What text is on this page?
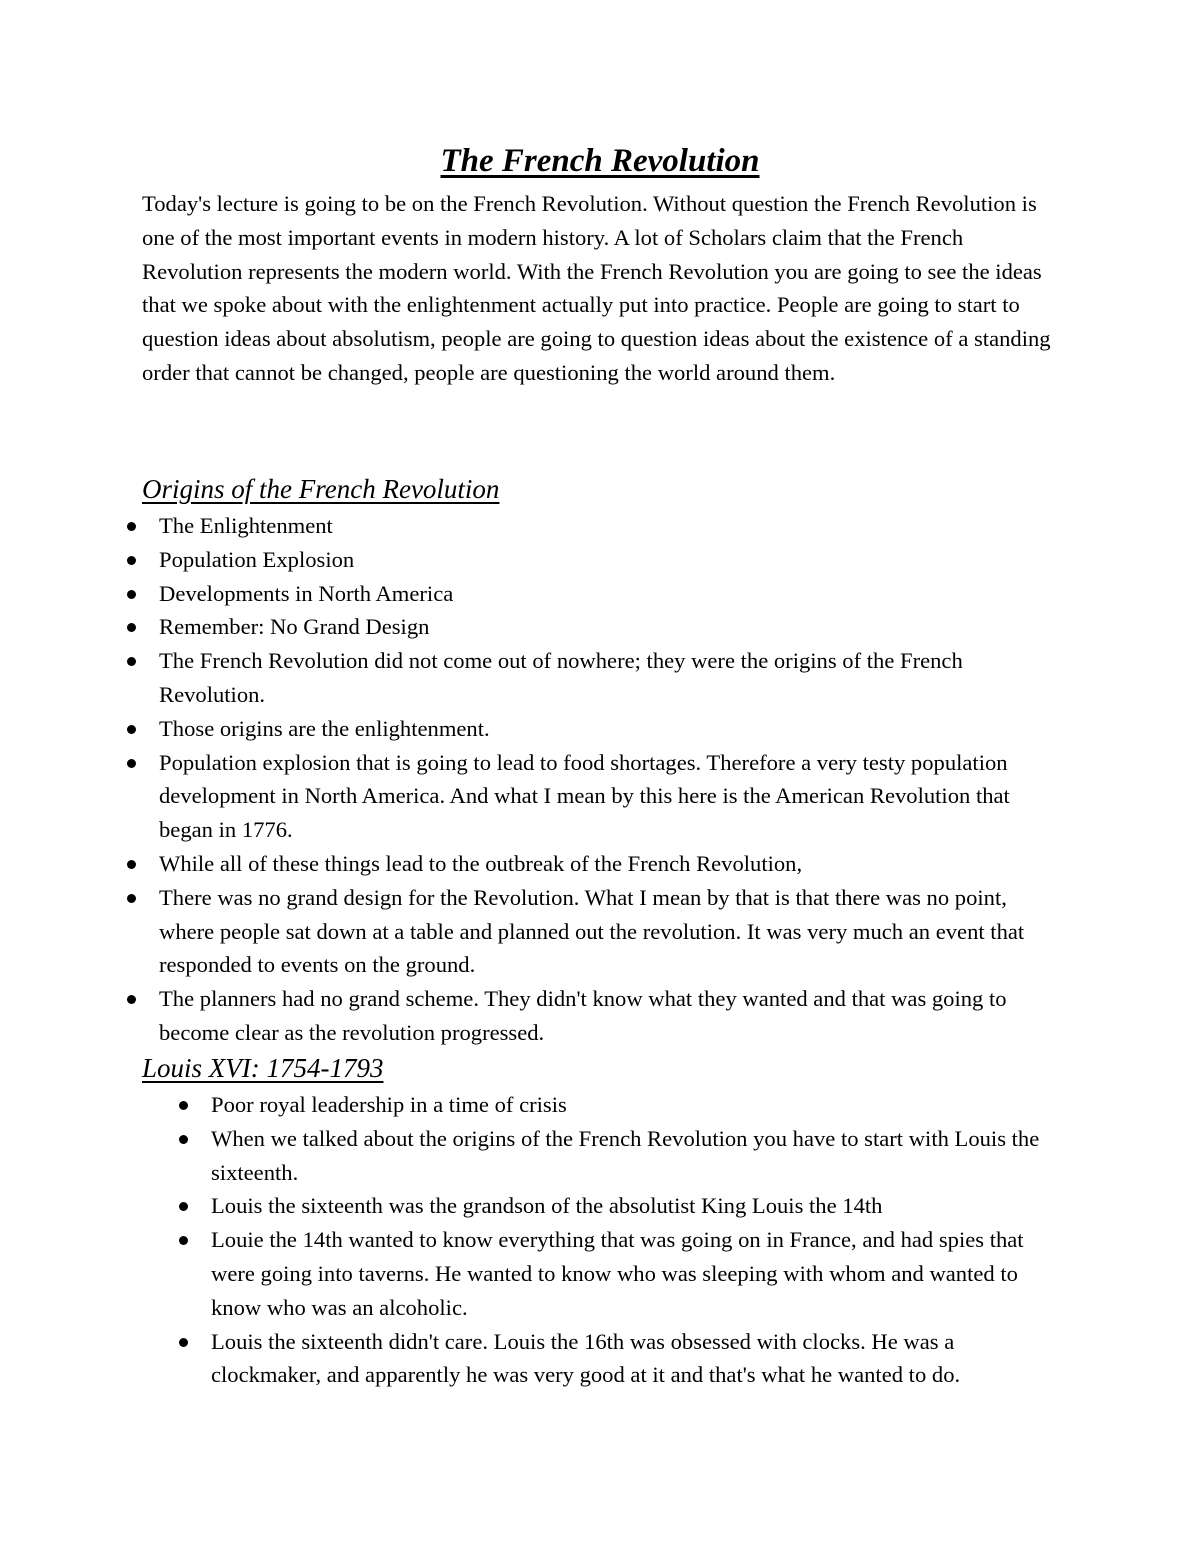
The French Revolution

Today's lecture is going to be on the French Revolution. Without question the French Revolution is one of the most important events in modern history. A lot of Scholars claim that the French Revolution represents the modern world. With the French Revolution you are going to see the ideas that we spoke about with the enlightenment actually put into practice. People are going to start to question ideas about absolutism, people are going to question ideas about the existence of a standing order that cannot be changed, people are questioning the world around them.

Origins of the French Revolution
The Enlightenment
Population Explosion
Developments in North America
Remember: No Grand Design
The French Revolution did not come out of nowhere; they were the origins of the French Revolution.
Those origins are the enlightenment.
Population explosion that is going to lead to food shortages. Therefore a very testy population development in North America. And what I mean by this here is the American Revolution that began in 1776.
While all of these things lead to the outbreak of the French Revolution,
There was no grand design for the Revolution. What I mean by that is that there was no point, where people sat down at a table and planned out the revolution. It was very much an event that responded to events on the ground.
The planners had no grand scheme. They didn't know what they wanted and that was going to become clear as the revolution progressed.
Louis XVI: 1754-1793
Poor royal leadership in a time of crisis
When we talked about the origins of the French Revolution you have to start with Louis the sixteenth.
Louis the sixteenth was the grandson of the absolutist King Louis the 14th
Louie the 14th wanted to know everything that was going on in France, and had spies that were going into taverns. He wanted to know who was sleeping with whom and wanted to know who was an alcoholic.
Louis the sixteenth didn't care. Louis the 16th was obsessed with clocks. He was a clockmaker, and apparently he was very good at it and that's what he wanted to do.
